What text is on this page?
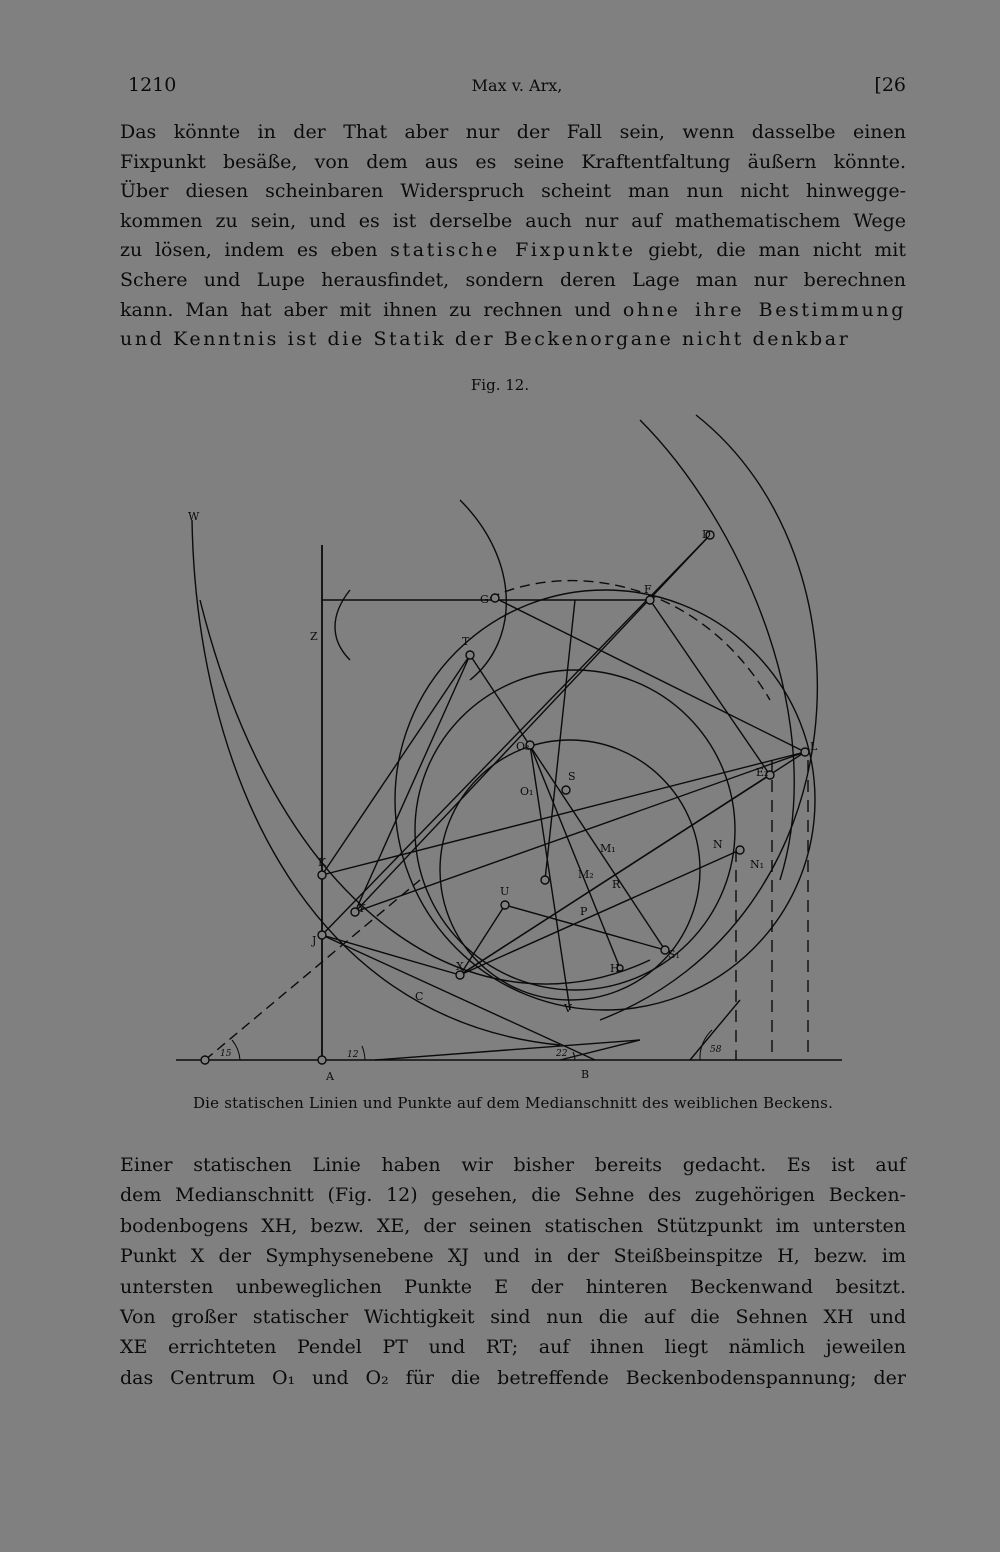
1210	Max v. Arx,	[26

Das könnte in der That aber nur der Fall sein, wenn dasselbe einen
Fixpunkt besäße, von dem aus es seine Kraftentfaltung äußern könnte.
Über diesen scheinbaren Widerspruch scheint man nun nicht hinwegge-
kommen zu sein, und es ist derselbe auch nur auf mathematischem Wege
zu lösen, indem es eben statische Fixpunkte giebt, die man nicht mit
Schere und Lupe herausfindet, sondern deren Lage man nur berechnen
kann. Man hat aber mit ihnen zu rechnen und ohne ihre Bestimmung
und Kenntnis ist die Statik der Beckenorgane nicht denkbar

Fig. 12.
W
Z
G
T
F
D
O₂
O₁
L
E₂
M₁
M₂
R
P
N
N₁
S₁
H
K
Y
J
X
U
C
V
S
A	B
15	12	22	58
Die statischen Linien und Punkte auf dem Medianschnitt des weiblichen Beckens.

Einer statischen Linie haben wir bisher bereits gedacht. Es ist auf
dem Medianschnitt (Fig. 12) gesehen, die Sehne des zugehörigen Becken-
bodenbogens XH, bezw. XE, der seinen statischen Stützpunkt im untersten
Punkt X der Symphysenebene XJ und in der Steißbeinspitze H, bezw. im
untersten unbeweglichen Punkte E der hinteren Beckenwand besitzt.
Von großer statischer Wichtigkeit sind nun die auf die Sehnen XH und
XE errichteten Pendel PT und RT; auf ihnen liegt nämlich jeweilen
das Centrum O₁ und O₂ für die betreffende Beckenbodenspannung; der
